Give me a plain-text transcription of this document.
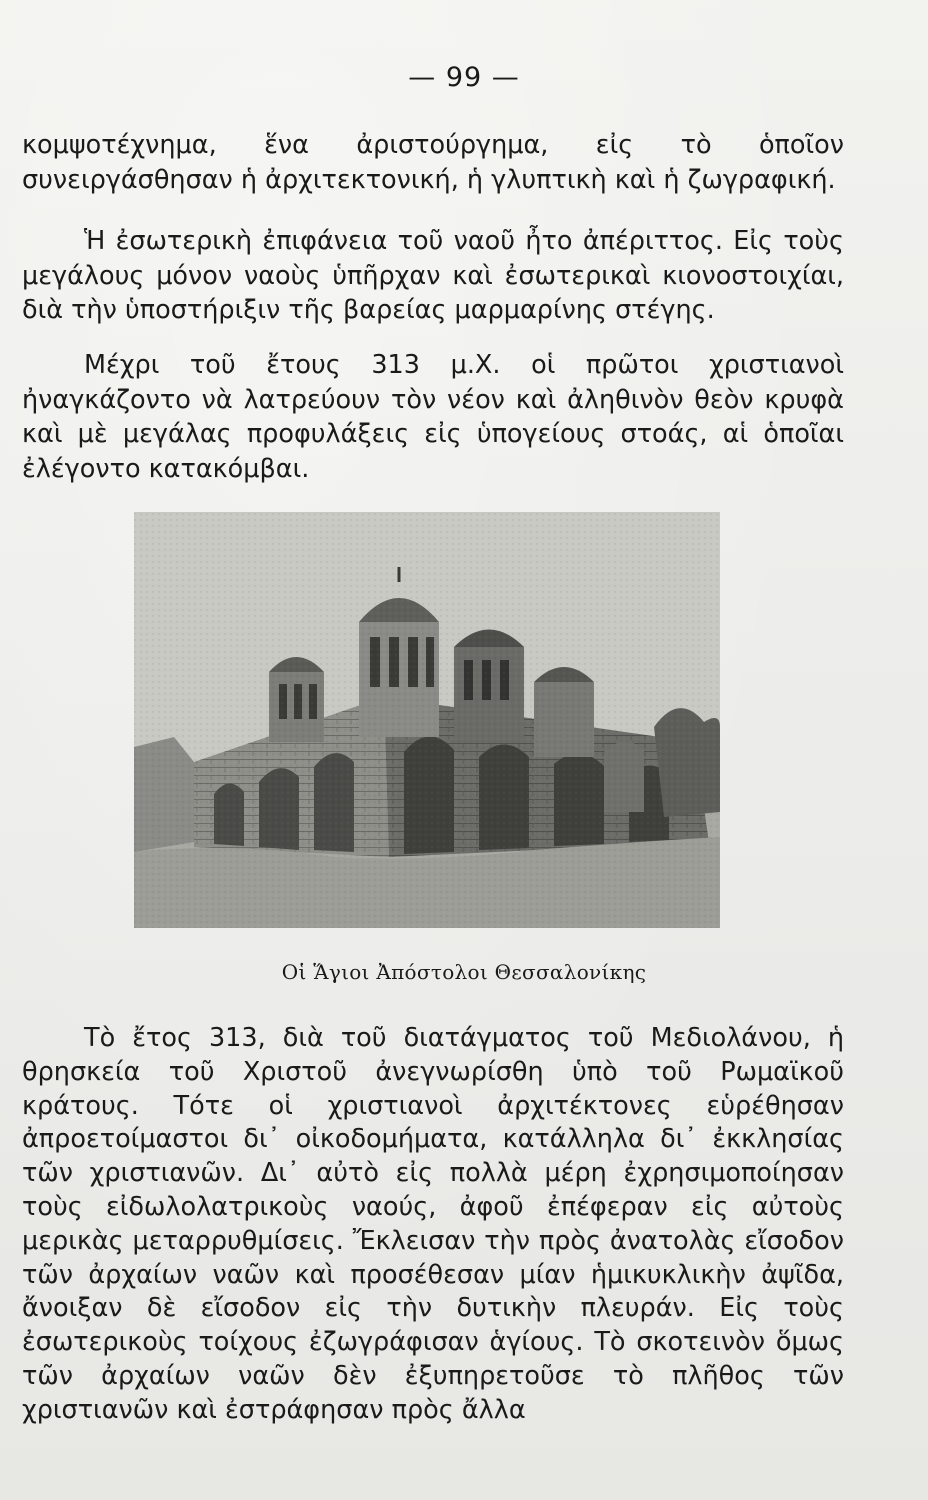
— 99 —
κομψοτέχνημα, ἕνα ἀριστούργημα, εἰς τὸ ὁποῖον συνειργάσθησαν ἡ ἀρχιτεκτονική, ἡ γλυπτικὴ καὶ ἡ ζωγραφική.
Ἡ ἐσωτερικὴ ἐπιφάνεια τοῦ ναοῦ ἦτο ἀπέριττος. Εἰς τοὺς μεγάλους μόνον ναοὺς ὑπῆρχαν καὶ ἐσωτερικαὶ κιονοστοιχίαι, διὰ τὴν ὑποστήριξιν τῆς βαρείας μαρμαρίνης στέγης.
Μέχρι τοῦ ἔτους 313 μ.Χ. οἱ πρῶτοι χριστιανοὶ ἠναγκάζοντο νὰ λατρεύουν τὸν νέον καὶ ἀληθινὸν θεὸν κρυφὰ καὶ μὲ μεγάλας προφυλάξεις εἰς ὑπογείους στοάς, αἱ ὁποῖαι ἐλέγοντο κατακόμβαι.
Οἱ Ἅγιοι Ἀπόστολοι Θεσσαλονίκης
Τὸ ἔτος 313, διὰ τοῦ διατάγματος τοῦ Μεδιολάνου, ἡ θρησκεία τοῦ Χριστοῦ ἀνεγνωρίσθη ὑπὸ τοῦ Ρωμαϊκοῦ κράτους. Τότε οἱ χριστιανοὶ ἀρχιτέκτονες εὑρέθησαν ἀπροετοίμαστοι δι᾿ οἰκοδομήματα, κατάλληλα δι᾿ ἐκκλησίας τῶν χριστιανῶν. Δι᾿ αὐτὸ εἰς πολλὰ μέρη ἐχρησιμοποίησαν τοὺς εἰδωλολατρικοὺς ναούς, ἀφοῦ ἐπέφεραν εἰς αὐτοὺς μερικὰς μεταρρυθμίσεις. Ἔκλεισαν τὴν πρὸς ἀνατολὰς εἴσοδον τῶν ἀρχαίων ναῶν καὶ προσέθεσαν μίαν ἡμικυκλικὴν ἀψῖδα, ἄνοιξαν δὲ εἴσοδον εἰς τὴν δυτικὴν πλευράν. Εἰς τοὺς ἐσωτερικοὺς τοίχους ἐζωγράφισαν ἁγίους. Τὸ σκοτεινὸν ὅμως τῶν ἀρχαίων ναῶν δὲν ἐξυπηρετοῦσε τὸ πλῆθος τῶν χριστιανῶν καὶ ἐστράφησαν πρὸς ἄλλα
